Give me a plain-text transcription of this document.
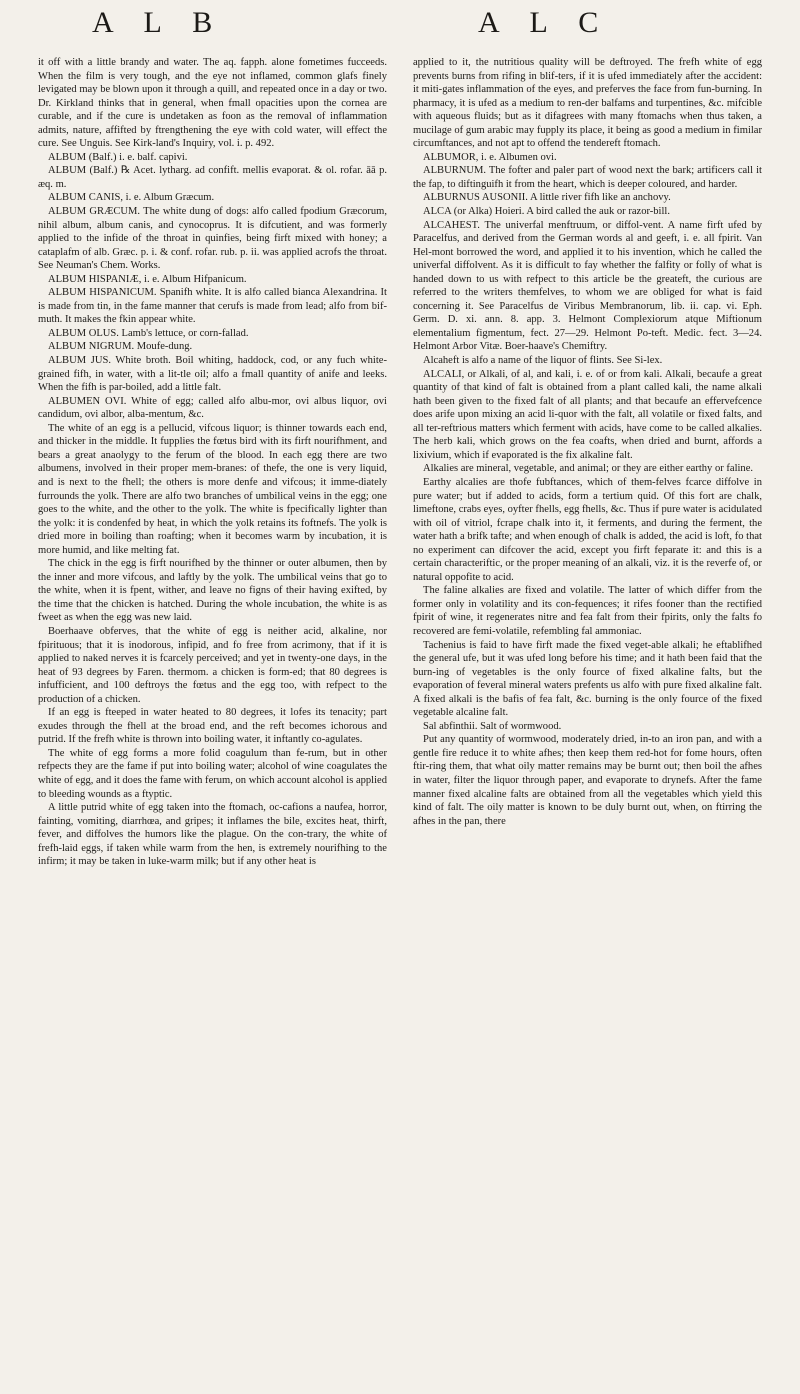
A L B	A L C

it off with a little brandy and water. The aq. fapph. alone fometimes fucceeds. When the film is very tough, and the eye not inflamed, common glafs finely levigated may be blown upon it through a quill, and repeated once in a day or two. Dr. Kirkland thinks that in general, when fmall opacities upon the cornea are curable, and if the cure is undetaken as foon as the removal of inflammation admits, nature, affifted by ftrengthening the eye with cold water, will effect the cure. See Unguis. See Kirk-land's Inquiry, vol. i. p. 492.

ALBUM (Balf.) i. e. balf. capivi.

ALBUM (Balf.) ℞ Acet. lytharg. ad confift. mellis evaporat. & ol. rofar. āā p. æq. m.

ALBUM CANIS, i. e. Album Græcum.

ALBUM GRÆCUM. The white dung of dogs: alfo called fpodium Græcorum, nihil album, album canis, and cynocoprus. It is difcutient, and was formerly applied to the infide of the throat in quinfies, being firft mixed with honey; a cataplafm of alb. Græc. p. i. & conf. rofar. rub. p. ii. was applied acrofs the throat. See Neuman's Chem. Works.

ALBUM HISPANIÆ, i. e. Album Hifpanicum.

ALBUM HISPANICUM. Spanifh white. It is alfo called bianca Alexandrina. It is made from tin, in the fame manner that cerufs is made from lead; alfo from bif-muth. It makes the fkin appear white.

ALBUM OLUS. Lamb's lettuce, or corn-fallad.

ALBUM NIGRUM. Moufe-dung.

ALBUM JUS. White broth. Boil whiting, haddock, cod, or any fuch white-grained fifh, in water, with a lit-tle oil; alfo a fmall quantity of anife and leeks. When the fifh is par-boiled, add a little falt.

ALBUMEN OVI. White of egg; called alfo albu-mor, ovi albus liquor, ovi candidum, ovi albor, alba-mentum, &c.

The white of an egg is a pellucid, vifcous liquor; is thinner towards each end, and thicker in the middle. It fupplies the fœtus bird with its firft nourifhment, and bears a great anaolygy to the ferum of the blood. In each egg there are two albumens, involved in their proper mem-branes: of thefe, the one is very liquid, and is next to the fhell; the others is more denfe and vifcous; it imme-diately furrounds the yolk. There are alfo two branches of umbilical veins in the egg; one goes to the white, and the other to the yolk. The white is fpecifically lighter than the yolk: it is condenfed by heat, in which the yolk retains its foftnefs. The yolk is dried more in boiling than roafting; when it becomes warm by incubation, it is more humid, and like melting fat.

The chick in the egg is firft nourifhed by the thinner or outer albumen, then by the inner and more vifcous, and laftly by the yolk. The umbilical veins that go to the white, when it is fpent, wither, and leave no figns of their having exifted, by the time that the chicken is hatched. During the whole incubation, the white is as fweet as when the egg was new laid.

Boerhaave obferves, that the white of egg is neither acid, alkaline, nor fpirituous; that it is inodorous, infipid, and fo free from acrimony, that if it is applied to naked nerves it is fcarcely perceived; and yet in twenty-one days, in the heat of 93 degrees by Faren. thermom. a chicken is form-ed; that 80 degrees is infufficient, and 100 deftroys the fœtus and the egg too, with refpect to the production of a chicken.

If an egg is fteeped in water heated to 80 degrees, it lofes its tenacity; part exudes through the fhell at the broad end, and the reft becomes ichorous and putrid. If the frefh white is thrown into boiling water, it inftantly co-agulates.

The white of egg forms a more folid coagulum than fe-rum, but in other refpects they are the fame if put into boiling water; alcohol of wine coagulates the white of egg, and it does the fame with ferum, on which account alcohol is applied to bleeding wounds as a ftyptic.

A little putrid white of egg taken into the ftomach, oc-cafions a naufea, horror, fainting, vomiting, diarrhœa, and gripes; it inflames the bile, excites heat, thirft, fever, and diffolves the humors like the plague. On the con-trary, the white of frefh-laid eggs, if taken while warm from the hen, is extremely nourifhing to the infirm; it may be taken in luke-warm milk; but if any other heat is

applied to it, the nutritious quality will be deftroyed. The frefh white of egg prevents burns from rifing in blif-ters, if it is ufed immediately after the accident: it miti-gates inflammation of the eyes, and preferves the face from fun-burning. In pharmacy, it is ufed as a medium to ren-der balfams and turpentines, &c. mifcible with aqueous fluids; but as it difagrees with many ftomachs when thus taken, a mucilage of gum arabic may fupply its place, it being as good a medium in fimilar circumftances, and not apt to offend the tendereft ftomach.

ALBUMOR, i. e. Albumen ovi.

ALBURNUM. The fofter and paler part of wood next the bark; artificers call it the fap, to diftinguifh it from the heart, which is deeper coloured, and harder.

ALBURNUS AUSONII. A little river fifh like an anchovy.

ALCA (or Alka) Hoieri. A bird called the auk or razor-bill.

ALCAHEST. The univerfal menftruum, or diffol-vent. A name firft ufed by Paracelfus, and derived from the German words al and geeft, i. e. all fpirit. Van Hel-mont borrowed the word, and applied it to his invention, which he called the univerfal diffolvent. As it is difficult to fay whether the falfity or folly of what is handed down to us with refpect to this article be the greateft, the curious are referred to the writers themfelves, to whom we are obliged for what is faid concerning it. See Paracelfus de Viribus Membranorum, lib. ii. cap. vi. Eph. Germ. D. xi. ann. 8. app. 3. Helmont Complexiorum atque Miftionum elementalium figmentum, fect. 27—29. Helmont Po-teft. Medic. fect. 3—24. Helmont Arbor Vitæ. Boer-haave's Chemiftry.

Alcaheft is alfo a name of the liquor of flints. See Si-lex.

ALCALI, or Alkali, of al, and kali, i. e. of or from kali. Alkali, becaufe a great quantity of that kind of falt is obtained from a plant called kali, the name alkali hath been given to the fixed falt of all plants; and that becaufe an effervefcence does arife upon mixing an acid li-quor with the falt, all volatile or fixed falts, and all ter-reftrious matters which ferment with acids, have come to be called alkalies. The herb kali, which grows on the fea coafts, when dried and burnt, affords a lixivium, which if evaporated is the fix alkaline falt.

Alkalies are mineral, vegetable, and animal; or they are either earthy or faline.

Earthy alcalies are thofe fubftances, which of them-felves fcarce diffolve in pure water; but if added to acids, form a tertium quid. Of this fort are chalk, limeftone, crabs eyes, oyfter fhells, egg fhells, &c. Thus if pure water is acidulated with oil of vitriol, fcrape chalk into it, it ferments, and during the ferment, the water hath a brifk tafte; and when enough of chalk is added, the acid is loft, fo that no experiment can difcover the acid, except you firft feparate it: and this is a certain characteriftic, or the proper meaning of an alkali, viz. it is the reverfe of, or natural oppofite to acid.

The faline alkalies are fixed and volatile. The latter of which differ from the former only in volatility and its con-fequences; it rifes fooner than the rectified fpirit of wine, it regenerates nitre and fea falt from their fpirits, only the falts fo recovered are femi-volatile, refembling fal ammoniac.

Tachenius is faid to have firft made the fixed veget-able alkali; he eftablifhed the general ufe, but it was ufed long before his time; and it hath been faid that the burn-ing of vegetables is the only fource of fixed alkaline falts, but the evaporation of feveral mineral waters prefents us alfo with pure fixed alkaline falt. A fixed alkali is the bafis of fea falt, &c. burning is the only fource of the fixed vegetable alcaline falt.

Sal abfinthii. Salt of wormwood.

Put any quantity of wormwood, moderately dried, in-to an iron pan, and with a gentle fire reduce it to white afhes; then keep them red-hot for fome hours, often ftir-ring them, that what oily matter remains may be burnt out; then boil the afhes in water, filter the liquor through paper, and evaporate to drynefs. After the fame manner fixed alcaline falts are obtained from all the vegetables which yield this kind of falt. The oily matter is known to be duly burnt out, when, on ftirring the afhes in the pan, there
